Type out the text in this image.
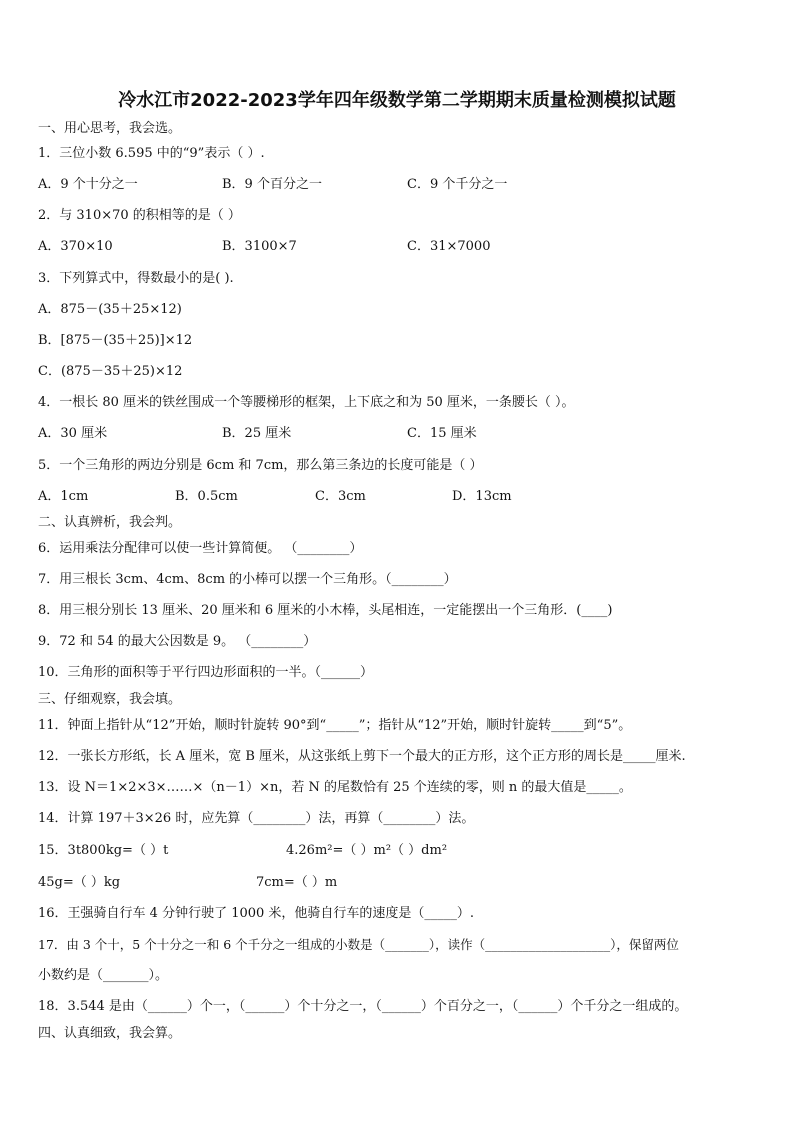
冷水江市2022-2023学年四年级数学第二学期期末质量检测模拟试题
一、用心思考，我会选。
1．三位小数 6.595 中的“9”表示（ ）.
A．9 个十分之一	B．9 个百分之一	C．9 个千分之一
2．与 310×70 的积相等的是（ ）
A．370×10	B．3100×7	C．31×7000
3．下列算式中，得数最小的是( ).
A．875－(35＋25×12)
B．[875－(35＋25)]×12
C．(875－35＋25)×12
4．一根长 80 厘米的铁丝围成一个等腰梯形的框架，上下底之和为 50 厘米，一条腰长（ ）。
A．30 厘米	B．25 厘米	C．15 厘米
5．一个三角形的两边分别是 6cm 和 7cm，那么第三条边的长度可能是（ ）
A．1cm	B．0.5cm	C．3cm	D．13cm
二、认真辨析，我会判。
6．运用乘法分配律可以使一些计算简便。 （________）
7．用三根长 3cm、4cm、8cm 的小棒可以摆一个三角形。（________）
8．用三根分别长 13 厘米、20 厘米和 6 厘米的小木棒，头尾相连，一定能摆出一个三角形．(____)
9．72 和 54 的最大公因数是 9。 （________）
10．三角形的面积等于平行四边形面积的一半。（______）
三、仔细观察，我会填。
11．钟面上指针从“12”开始，顺时针旋转 90°到“_____”；指针从“12”开始，顺时针旋转_____到“5”。
12．一张长方形纸，长 A 厘米，宽 B 厘米，从这张纸上剪下一个最大的正方形，这个正方形的周长是_____厘米.
13．设 N＝1×2×3×……×（n－1）×n，若 N 的尾数恰有 25 个连续的零，则 n 的最大值是_____。
14．计算 197＋3×26 时，应先算（________）法，再算（________）法。
15．3t800kg=（ ）t	4.26m²=（ ）m²（ ）dm²
45g=（ ）kg	7cm=（ ）m
16．王强骑自行车 4 分钟行驶了 1000 米，他骑自行车的速度是（_____）.
17．由 3 个十，5 个十分之一和 6 个千分之一组成的小数是（_______），读作（____________________），保留两位
小数约是（_______）。
18．3.544 是由（______）个一，（______）个十分之一，（______）个百分之一，（______）个千分之一组成的。
四、认真细致，我会算。
